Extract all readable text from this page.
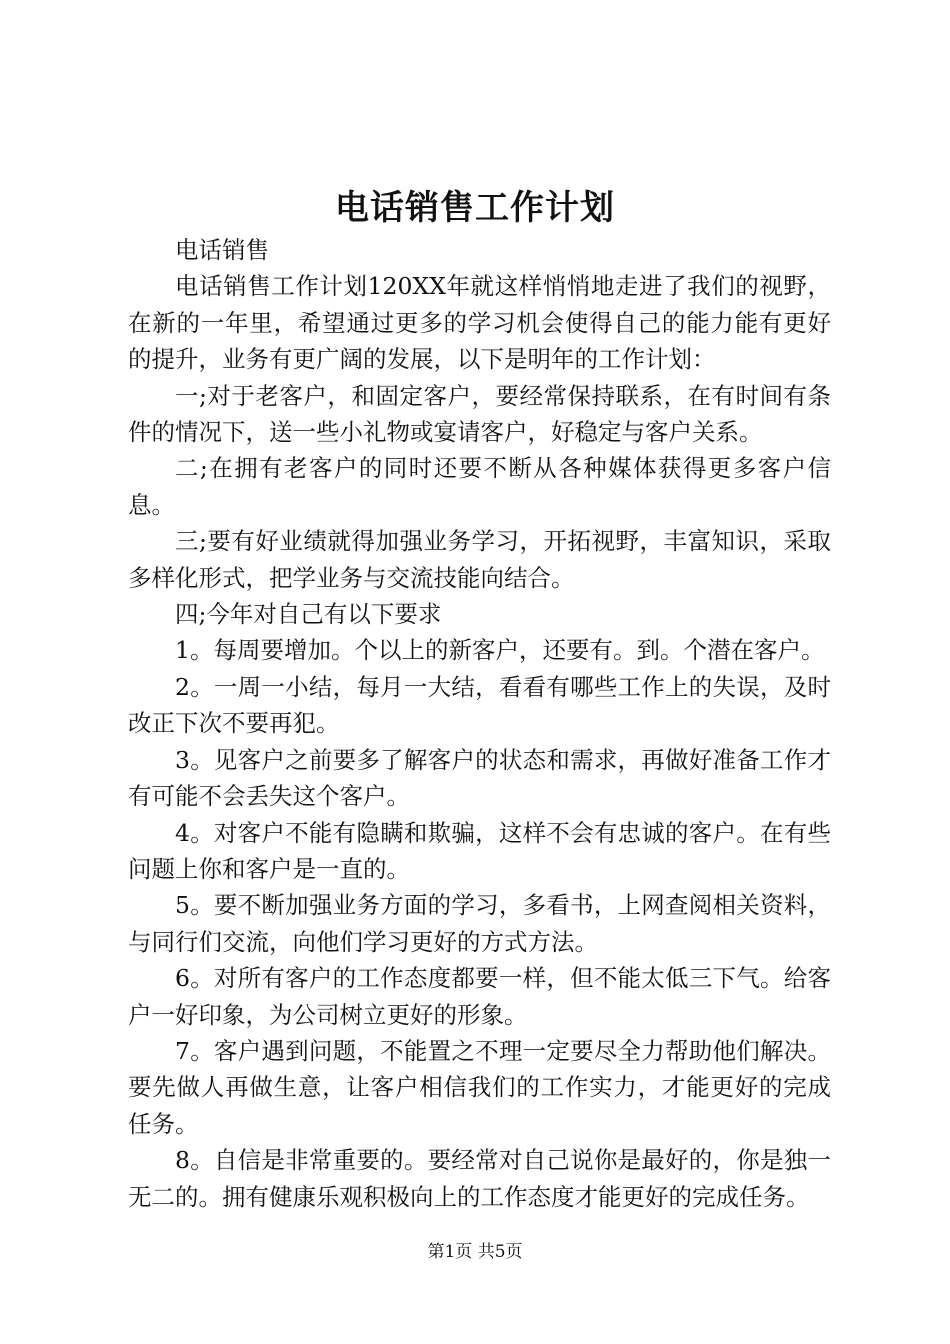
电话销售工作计划

电话销售

电话销售工作计划120XX年就这样悄悄地走进了我们的视野，在新的一年里，希望通过更多的学习机会使得自己的能力能有更好的提升，业务有更广阔的发展，以下是明年的工作计划：

一;对于老客户，和固定客户，要经常保持联系，在有时间有条件的情况下，送一些小礼物或宴请客户，好稳定与客户关系。

二;在拥有老客户的同时还要不断从各种媒体获得更多客户信息。

三;要有好业绩就得加强业务学习，开拓视野，丰富知识，采取多样化形式，把学业务与交流技能向结合。

四;今年对自己有以下要求

1。每周要增加。个以上的新客户，还要有。到。个潜在客户。

2。一周一小结，每月一大结，看看有哪些工作上的失误，及时改正下次不要再犯。

3。见客户之前要多了解客户的状态和需求，再做好准备工作才有可能不会丢失这个客户。

4。对客户不能有隐瞒和欺骗，这样不会有忠诚的客户。在有些问题上你和客户是一直的。

5。要不断加强业务方面的学习，多看书，上网查阅相关资料，与同行们交流，向他们学习更好的方式方法。

6。对所有客户的工作态度都要一样，但不能太低三下气。给客户一好印象，为公司树立更好的形象。

7。客户遇到问题，不能置之不理一定要尽全力帮助他们解决。要先做人再做生意，让客户相信我们的工作实力，才能更好的完成任务。

8。自信是非常重要的。要经常对自己说你是最好的，你是独一无二的。拥有健康乐观积极向上的工作态度才能更好的完成任务。

第1页 共5页
